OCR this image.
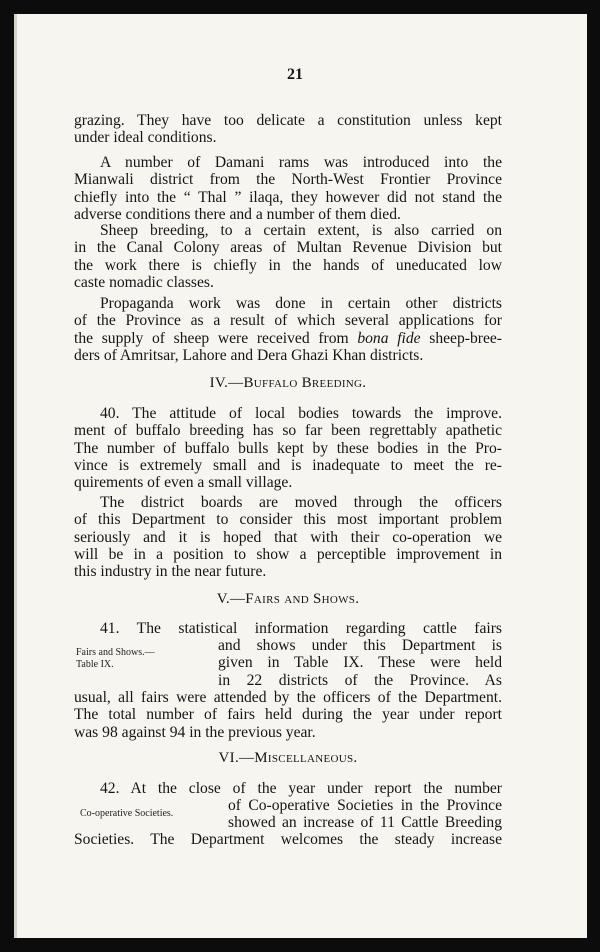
21
grazing. They have too delicate a constitution unless kept
under ideal conditions.
A number of Damani rams was introduced into the
Mianwali district from the North-West Frontier Province
chiefly into the “ Thal ” ilaqa, they however did not stand the
adverse conditions there and a number of them died.
Sheep breeding, to a certain extent, is also carried on
in the Canal Colony areas of Multan Revenue Division but
the work there is chiefly in the hands of uneducated low
caste nomadic classes.
Propaganda work was done in certain other districts
of the Province as a result of which several applications for
the supply of sheep were received from bona fide sheep-bree-
ders of Amritsar, Lahore and Dera Ghazi Khan districts.
IV.—Buffalo Breeding.
40. The attitude of local bodies towards the improve.
ment of buffalo breeding has so far been regrettably apathetic
The number of buffalo bulls kept by these bodies in the Pro-
vince is extremely small and is inadequate to meet the re-
quirements of even a small village.
The district boards are moved through the officers
of this Department to consider this most important problem
seriously and it is hoped that with their co-operation we
will be in a position to show a perceptible improvement in
this industry in the near future.
V.—Fairs and Shows.
41. The statistical information regarding cattle fairs
Fairs and Shows.—
Table IX.
and shows under this Department is
given in Table IX. These were held
in 22 districts of the Province. As
usual, all fairs were attended by the officers of the Department.
The total number of fairs held during the year under report
was 98 against 94 in the previous year.
VI.—Miscellaneous.
42. At the close of the year under report the number
Co-operative Societies.	of Co-operative Societies in the Province
showed an increase of 11 Cattle Breeding
Societies. The Department welcomes the steady increase
